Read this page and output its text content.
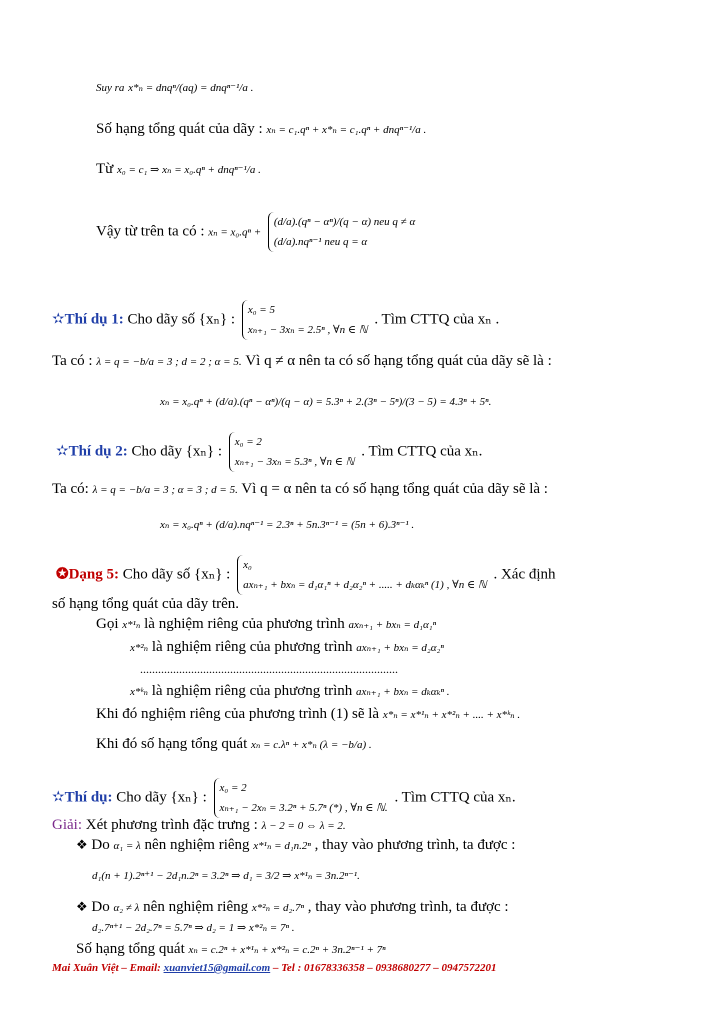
Suy ra x*ₙ = dnqⁿ/(aq) = dnqⁿ⁻¹/a .
Số hạng tổng quát của dãy : xₙ = c₁.qⁿ + x*ₙ = c₁.qⁿ + dnqⁿ⁻¹/a .
Từ x₀ = c₁ ⇒ xₙ = x₀.qⁿ + dnqⁿ⁻¹/a .
Vậy từ trên ta có : xₙ = x₀.qⁿ +
(d/a).(qⁿ − αⁿ)/(q − α) neu q ≠ α
(d/a).nqⁿ⁻¹ neu q = α
✫Thí dụ 1: Cho dãy số {xₙ} :
x₀ = 5
xₙ₊₁ − 3xₙ = 2.5ⁿ , ∀n ∈ ℕ
. Tìm CTTQ của xₙ .
Ta có : λ = q = −b/a = 3 ; d = 2 ; α = 5. Vì q ≠ α nên ta có số hạng tổng quát của dãy sẽ là :
xₙ = x₀.qⁿ + (d/a).(qⁿ − αⁿ)/(q − α) = 5.3ⁿ + 2.(3ⁿ − 5ⁿ)/(3 − 5) = 4.3ⁿ + 5ⁿ.
✫Thí dụ 2: Cho dãy {xₙ} :
x₀ = 2
xₙ₊₁ − 3xₙ = 5.3ⁿ , ∀n ∈ ℕ
. Tìm CTTQ của xₙ.
Ta có: λ = q = −b/a = 3 ; α = 3 ; d = 5. Vì q = α nên ta có số hạng tổng quát của dãy sẽ là :
xₙ = x₀.qⁿ + (d/a).nqⁿ⁻¹ = 2.3ⁿ + 5n.3ⁿ⁻¹ = (5n + 6).3ⁿ⁻¹ .
✪Dạng 5: Cho dãy số {xₙ} :
x₀
axₙ₊₁ + bxₙ = d₁α₁ⁿ + d₂α₂ⁿ + ..... + dₖαₖⁿ (1) , ∀n ∈ ℕ
. Xác định
số hạng tổng quát của dãy trên.
Gọi x*¹ₙ là nghiệm riêng của phương trình axₙ₊₁ + bxₙ = d₁α₁ⁿ
x*²ₙ là nghiệm riêng của phương trình axₙ₊₁ + bxₙ = d₂α₂ⁿ
......................................................................................
x*ᵏₙ là nghiệm riêng của phương trình axₙ₊₁ + bxₙ = dₖαₖⁿ .
Khi đó nghiệm riêng của phương trình (1) sẽ là x*ₙ = x*¹ₙ + x*²ₙ + .... + x*ᵏₙ .
Khi đó số hạng tổng quát xₙ = c.λⁿ + x*ₙ (λ = −b/a) .
✫Thí dụ: Cho dãy {xₙ} :
x₀ = 2
xₙ₊₁ − 2xₙ = 3.2ⁿ + 5.7ⁿ (*) , ∀n ∈ ℕ.
. Tìm CTTQ của xₙ.
Giải: Xét phương trình đặc trưng : λ − 2 = 0 ⇔ λ = 2.
❖ Do α₁ = λ nên nghiệm riêng x*¹ₙ = d₁n.2ⁿ , thay vào phương trình, ta được :
d₁(n + 1).2ⁿ⁺¹ − 2d₁n.2ⁿ = 3.2ⁿ ⇒ d₁ = 3/2 ⇒ x*¹ₙ = 3n.2ⁿ⁻¹.
❖ Do α₂ ≠ λ nên nghiệm riêng x*²ₙ = d₂.7ⁿ , thay vào phương trình, ta được :
d₂.7ⁿ⁺¹ − 2d₂.7ⁿ = 5.7ⁿ ⇒ d₂ = 1 ⇒ x*²ₙ = 7ⁿ .
Số hạng tổng quát xₙ = c.2ⁿ + x*¹ₙ + x*²ₙ = c.2ⁿ + 3n.2ⁿ⁻¹ + 7ⁿ
Mai Xuân Việt – Email: xuanviet15@gmail.com – Tel : 01678336358 – 0938680277 – 0947572201
